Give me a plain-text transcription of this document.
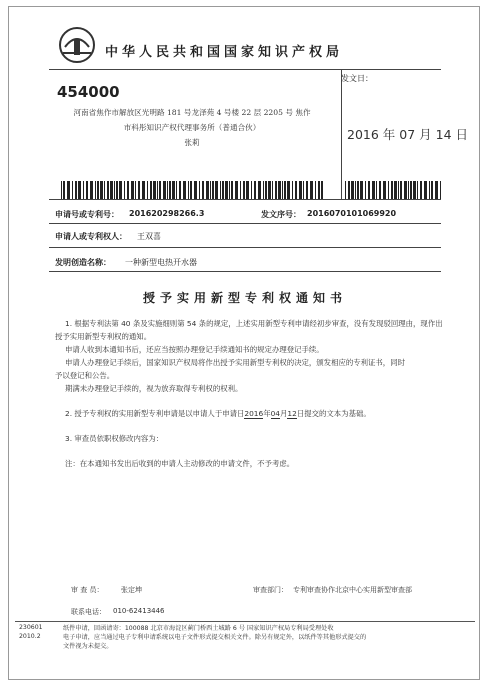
中华人民共和国国家知识产权局
454000
河南省焦作市解放区光明路 181 号龙泽苑 4 号楼 22 层 2205 号 焦作
市科彤知识产权代理事务所（普通合伙）
张莉
发文日：
2016 年 07 月 14 日
申请号或专利号： 201620298266.3	发文序号： 2016070101069920
申请人或专利权人： 王双喜
发明创造名称： 一种新型电热开水器
授予实用新型专利权通知书
1. 根据专利法第 40 条及实施细则第 54 条的规定，上述实用新型专利申请经初步审查，没有发现驳回理由，现作出
授予实用新型专利权的通知。
申请人收到本通知书后，还应当按照办理登记手续通知书的规定办理登记手续。
申请人办理登记手续后，国家知识产权局将作出授予实用新型专利权的决定，颁发相应的专利证书，同时
予以登记和公告。
期满未办理登记手续的，视为放弃取得专利权的权利。
2. 授予专利权的实用新型专利申请是以申请人于申请日2016年04月12日提交的文本为基础。
3. 审查员依职权修改内容为：
注：在本通知书发出后收到的申请人主动修改的申请文件，不予考虑。
审 查 员：	张定坤	审查部门： 专利审查协作北京中心实用新型审查部
联系电话： 010-62413446
230601
2010.2
纸件申请，回函请寄：100088 北京市海淀区蓟门桥西土城路 6 号 国家知识产权局专利局受理处收
电子申请，应当通过电子专利申请系统以电子文件形式提交相关文件。除另有规定外，以纸件等其他形式提交的
文件视为未提交。
